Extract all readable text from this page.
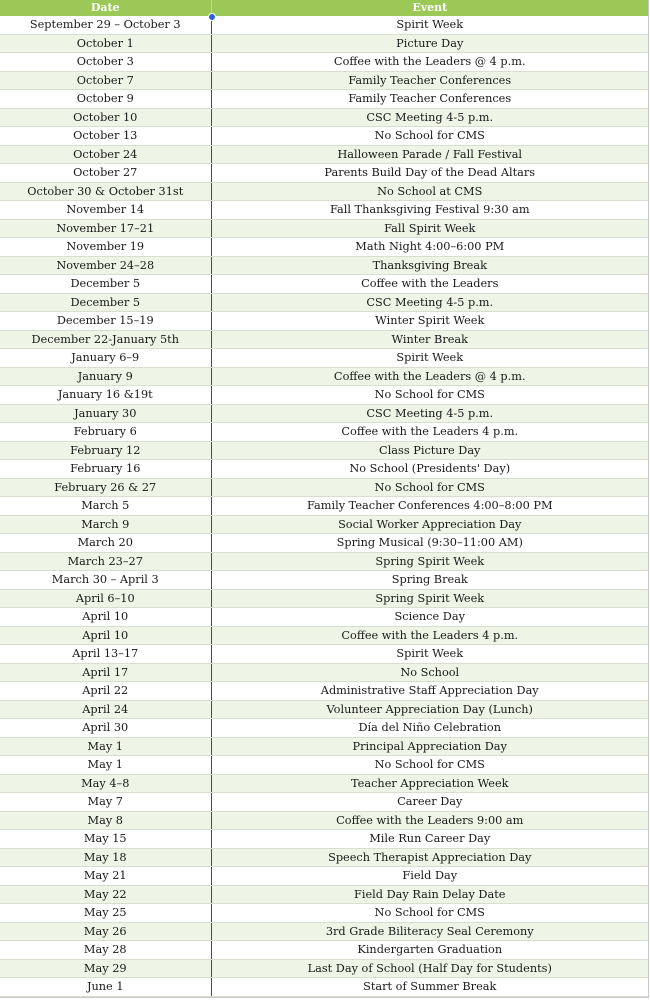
Date	Event
September 29 – October 3	Spirit Week
October 1	Picture Day
October 3	Coffee with the Leaders @ 4 p.m.
October 7	Family Teacher Conferences
October 9	Family Teacher Conferences
October 10	CSC Meeting 4-5 p.m.
October 13	No School for CMS
October 24	Halloween Parade / Fall Festival
October 27	Parents Build Day of the Dead Altars
October 30 & October 31st	No School at CMS
November 14	Fall Thanksgiving Festival 9:30 am
November 17–21	Fall Spirit Week
November 19	Math Night 4:00–6:00 PM
November 24–28	Thanksgiving Break
December 5	Coffee with the Leaders
December 5	CSC Meeting 4-5 p.m.
December 15–19	Winter Spirit Week
December 22-January 5th	Winter Break
January 6–9	Spirit Week
January 9	Coffee with the Leaders @ 4 p.m.
January 16 &19t	No School for CMS
January 30	CSC Meeting 4-5 p.m.
February 6	Coffee with the Leaders 4 p.m.
February 12	Class Picture Day
February 16	No School (Presidents' Day)
February 26 & 27	No School for CMS
March 5	Family Teacher Conferences 4:00–8:00 PM
March 9	Social Worker Appreciation Day
March 20	Spring Musical (9:30–11:00 AM)
March 23–27	Spring Spirit Week
March 30 – April 3	Spring Break
April 6–10	Spring Spirit Week
April 10	Science Day
April 10	Coffee with the Leaders 4 p.m.
April 13–17	Spirit Week
April 17	No School
April 22	Administrative Staff Appreciation Day
April 24	Volunteer Appreciation Day (Lunch)
April 30	Día del Niño Celebration
May 1	Principal Appreciation Day
May 1	No School for CMS
May 4–8	Teacher Appreciation Week
May 7	Career Day
May 8	Coffee with the Leaders 9:00 am
May 15	Mile Run Career Day
May 18	Speech Therapist Appreciation Day
May 21	Field Day
May 22	Field Day Rain Delay Date
May 25	No School for CMS
May 26	3rd Grade Biliteracy Seal Ceremony
May 28	Kindergarten Graduation
May 29	Last Day of School (Half Day for Students)
June 1	Start of Summer Break
